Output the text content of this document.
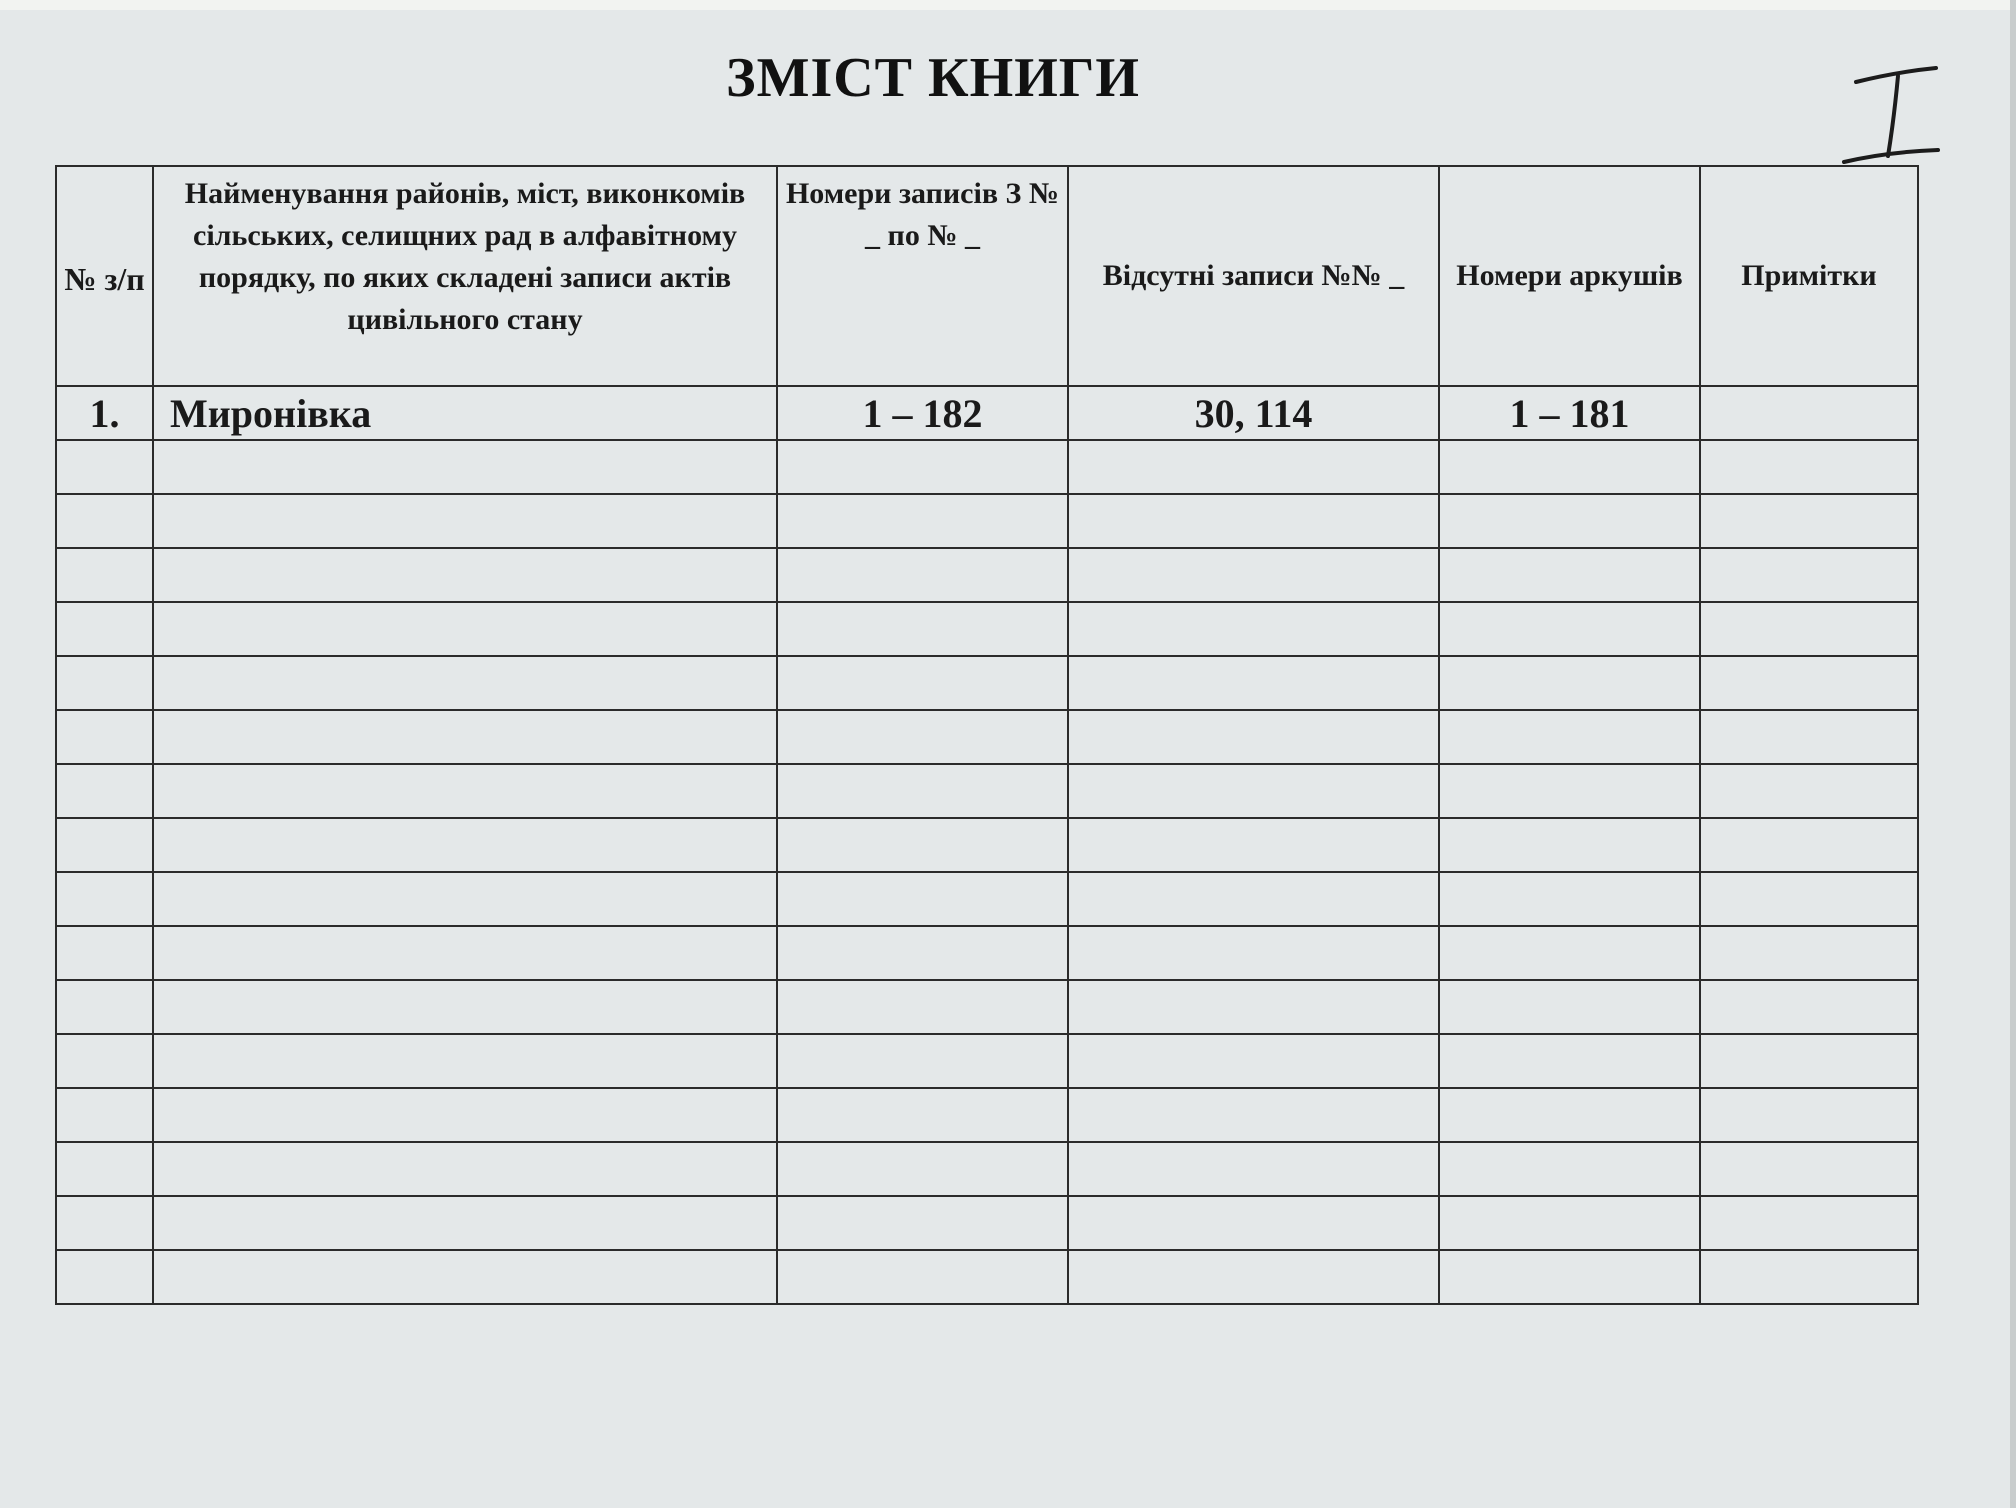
ЗМІСТ КНИГИ
№ з/п	Найменування районів, міст, виконкомів сільських, селищних рад в алфавітному порядку, по яких складені записи актів цивільного стану	Номери записів З № _ по № _	Відсутні записи №№ _	Номери аркушів	Примітки
1.	Миронівка	1 – 182	30, 114	1 – 181	
